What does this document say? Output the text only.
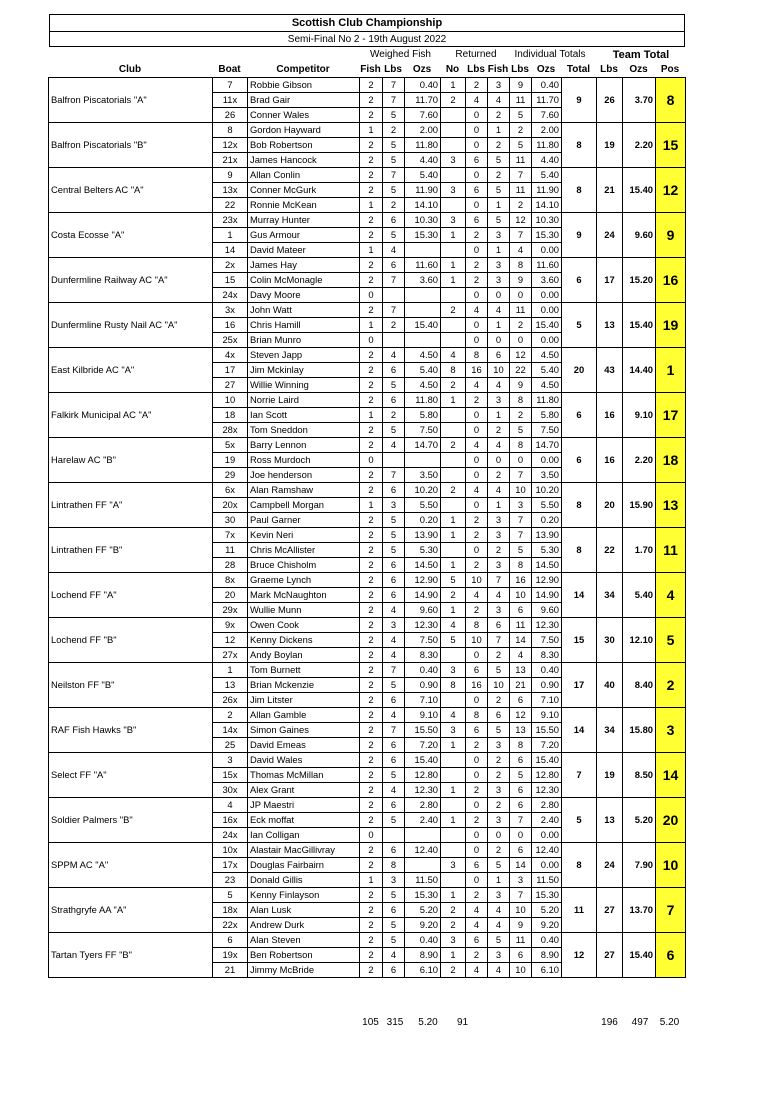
Scottish Club Championship
Semi-Final No 2 - 19th August 2022
Weighed Fish	Returned	Individual Totals	Team Total
Club	Boat	Competitor	Fish Lbs	Ozs	No Lbs Fish Lbs Ozs	Total	Lbs	Ozs	Pos
Balfron Piscatorials "A"	7	Robbie Gibson	2	7	0.40	1	2	3	9	0.40	9	26	3.70	8
	11x	Brad Gair	2	7	11.70	2	4	4	11	11.70				
	26	Conner Wales	2	5	7.60		0	2	5	7.60				
Balfron Piscatorials "B"	8	Gordon Hayward	1	2	2.00		0	1	2	2.00	8	19	2.20	15
	12x	Bob Robertson	2	5	11.80		0	2	5	11.80				
	21x	James Hancock	2	5	4.40	3	6	5	11	4.40				
Central Belters AC "A"	9	Allan Conlin	2	7	5.40		0	2	7	5.40	8	21	15.40	12
	13x	Conner McGurk	2	5	11.90	3	6	5	11	11.90				
	22	Ronnie McKean	1	2	14.10		0	1	2	14.10				
Costa Ecosse "A"	23x	Murray Hunter	2	6	10.30	3	6	5	12	10.30	9	24	9.60	9
	1	Gus Armour	2	5	15.30	1	2	3	7	15.30				
	14	David Mateer	1	4			0	1	4	0.00				
Dunfermline Railway AC "A"	2x	James Hay	2	6	11.60	1	2	3	8	11.60	6	17	15.20	16
	15	Colin McMonagle	2	7	3.60	1	2	3	9	3.60				
	24x	Davy Moore	0				0	0	0	0.00				
Dunfermline Rusty Nail AC "A"	3x	John Watt	2	7		2	4	4	11	0.00	5	13	15.40	19
	16	Chris Hamill	1	2	15.40		0	1	2	15.40				
	25x	Brian Munro	0				0	0	0	0.00				
East Kilbride AC "A"	4x	Steven Japp	2	4	4.50	4	8	6	12	4.50	20	43	14.40	1
	17	Jim Mckinlay	2	6	5.40	8	16	10	22	5.40				
	27	Willie Winning	2	5	4.50	2	4	4	9	4.50				
Falkirk Municipal AC "A"	10	Norrie Laird	2	6	11.80	1	2	3	8	11.80	6	16	9.10	17
	18	Ian Scott	1	2	5.80		0	1	2	5.80				
	28x	Tom Sneddon	2	5	7.50		0	2	5	7.50				
Harelaw AC "B"	5x	Barry Lennon	2	4	14.70	2	4	4	8	14.70	6	16	2.20	18
	19	Ross Murdoch	0				0	0	0	0.00				
	29	Joe henderson	2	7	3.50		0	2	7	3.50				
Lintrathen FF "A"	6x	Alan Ramshaw	2	6	10.20	2	4	4	10	10.20	8	20	15.90	13
	20x	Campbell Morgan	1	3	5.50		0	1	3	5.50				
	30	Paul Garner	2	5	0.20	1	2	3	7	0.20				
Lintrathen FF "B"	7x	Kevin Neri	2	5	13.90	1	2	3	7	13.90	8	22	1.70	11
	11	Chris McAllister	2	5	5.30		0	2	5	5.30				
	28	Bruce Chisholm	2	6	14.50	1	2	3	8	14.50				
Lochend FF "A"	8x	Graeme Lynch	2	6	12.90	5	10	7	16	12.90	14	34	5.40	4
	20	Mark McNaughton	2	6	14.90	2	4	4	10	14.90				
	29x	Wullie Munn	2	4	9.60	1	2	3	6	9.60				
Lochend FF "B"	9x	Owen Cook	2	3	12.30	4	8	6	11	12.30	15	30	12.10	5
	12	Kenny Dickens	2	4	7.50	5	10	7	14	7.50				
	27x	Andy Boylan	2	4	8.30		0	2	4	8.30				
Neilston FF "B"	1	Tom Burnett	2	7	0.40	3	6	5	13	0.40	17	40	8.40	2
	13	Brian Mckenzie	2	5	0.90	8	16	10	21	0.90				
	26x	Jim Litster	2	6	7.10		0	2	6	7.10				
RAF Fish Hawks "B"	2	Allan Gamble	2	4	9.10	4	8	6	12	9.10	14	34	15.80	3
	14x	Simon Gaines	2	7	15.50	3	6	5	13	15.50				
	25	David Emeas	2	6	7.20	1	2	3	8	7.20				
Select FF "A"	3	David Wales	2	6	15.40		0	2	6	15.40	7	19	8.50	14
	15x	Thomas McMillan	2	5	12.80		0	2	5	12.80				
	30x	Alex Grant	2	4	12.30	1	2	3	6	12.30				
Soldier Palmers "B"	4	JP Maestri	2	6	2.80		0	2	6	2.80	5	13	5.20	20
	16x	Eck moffat	2	5	2.40	1	2	3	7	2.40				
	24x	Ian Colligan	0				0	0	0	0.00				
SPPM AC "A"	10x	Alastair MacGillivray	2	6	12.40		0	2	6	12.40	8	24	7.90	10
	17x	Douglas Fairbairn	2	8		3	6	5	14	0.00				
	23	Donald Gillis	1	3	11.50		0	1	3	11.50				
Strathgryfe AA "A"	5	Kenny Finlayson	2	5	15.30	1	2	3	7	15.30	11	27	13.70	7
	18x	Alan Lusk	2	6	5.20	2	4	4	10	5.20				
	22x	Andrew Durk	2	5	9.20	2	4	4	9	9.20				
Tartan Tyers FF "B"	6	Alan Steven	2	5	0.40	3	6	5	11	0.40	12	27	15.40	6
	19x	Ben Robertson	2	4	8.90	1	2	3	6	8.90				
	21	Jimmy McBride	2	6	6.10	2	4	4	10	6.10				
105 315	5.20	91	196	497	5.20
